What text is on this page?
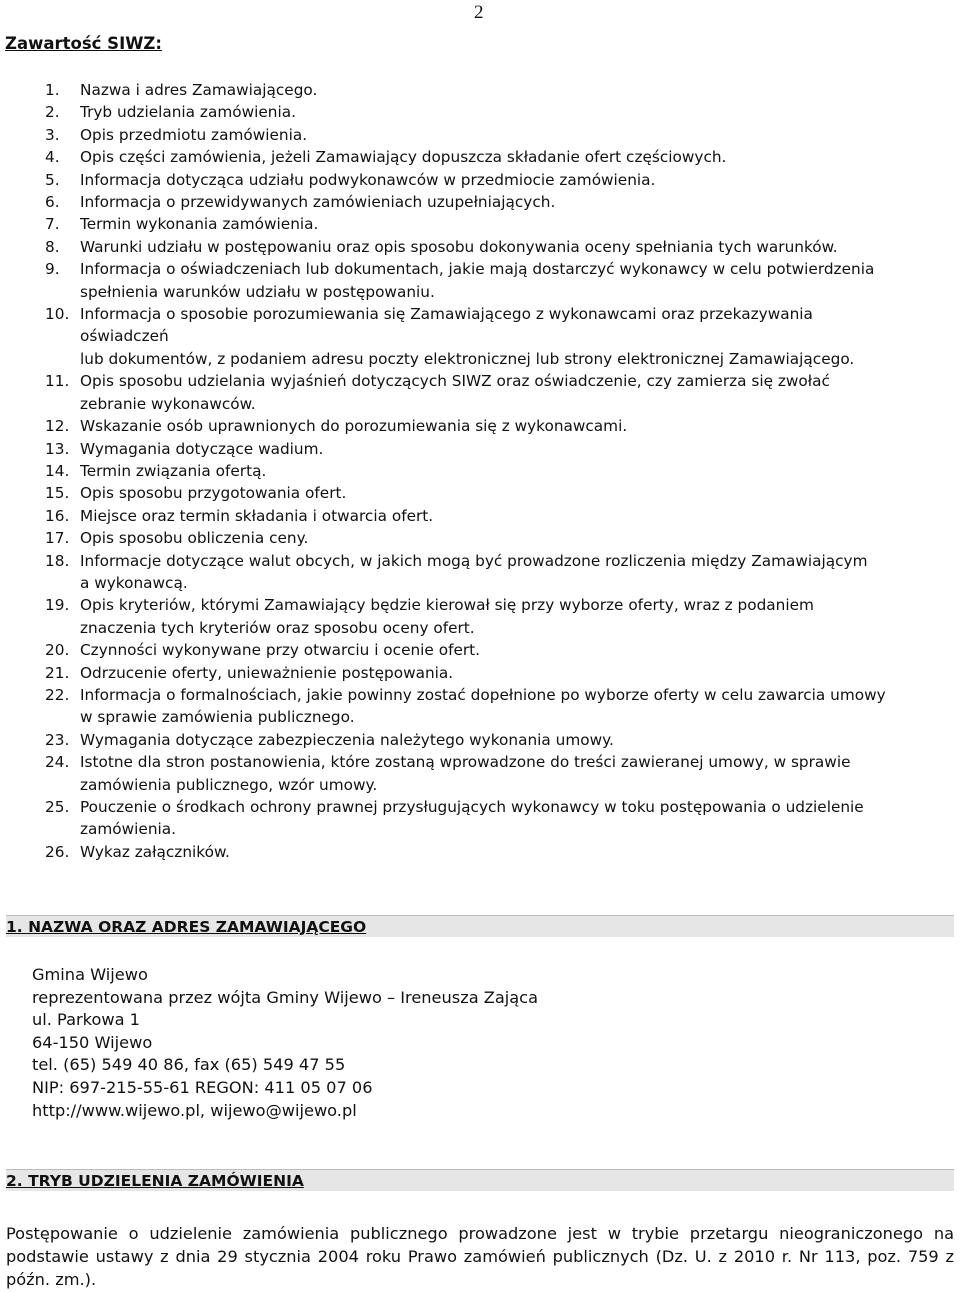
2
Zawartość SIWZ:
1.	Nazwa i adres Zamawiającego.
2.	Tryb udzielania zamówienia.
3.	Opis przedmiotu zamówienia.
4.	Opis części zamówienia, jeżeli Zamawiający dopuszcza składanie ofert częściowych.
5.	Informacja dotycząca udziału podwykonawców w przedmiocie zamówienia.
6.	Informacja o przewidywanych zamówieniach uzupełniających.
7.	Termin wykonania zamówienia.
8.	Warunki udziału w postępowaniu oraz opis sposobu dokonywania oceny spełniania tych warunków.
9.	Informacja o oświadczeniach lub dokumentach, jakie mają dostarczyć wykonawcy w celu potwierdzenia
spełnienia warunków udziału w postępowaniu.
10. Informacja o sposobie porozumiewania się Zamawiającego z wykonawcami oraz przekazywania
oświadczeń
lub dokumentów, z podaniem adresu poczty elektronicznej lub strony elektronicznej Zamawiającego.
11. Opis sposobu udzielania wyjaśnień dotyczących SIWZ oraz oświadczenie, czy zamierza się zwołać
zebranie wykonawców.
12. Wskazanie osób uprawnionych do porozumiewania się z wykonawcami.
13. Wymagania dotyczące wadium.
14. Termin związania ofertą.
15. Opis sposobu przygotowania ofert.
16. Miejsce oraz termin składania i otwarcia ofert.
17. Opis sposobu obliczenia ceny.
18. Informacje dotyczące walut obcych, w jakich mogą być prowadzone rozliczenia między Zamawiającym
a wykonawcą.
19. Opis kryteriów, którymi Zamawiający będzie kierował się przy wyborze oferty, wraz z podaniem
znaczenia tych kryteriów oraz sposobu oceny ofert.
20. Czynności wykonywane przy otwarciu i ocenie ofert.
21. Odrzucenie oferty, unieważnienie postępowania.
22. Informacja o formalnościach, jakie powinny zostać dopełnione po wyborze oferty w celu zawarcia umowy
w sprawie zamówienia publicznego.
23. Wymagania dotyczące zabezpieczenia należytego wykonania umowy.
24. Istotne dla stron postanowienia, które zostaną wprowadzone do treści zawieranej umowy, w sprawie
zamówienia publicznego, wzór umowy.
25. Pouczenie o środkach ochrony prawnej przysługujących wykonawcy w toku postępowania o udzielenie
zamówienia.
26. Wykaz załączników.
1. NAZWA ORAZ ADRES ZAMAWIAJĄCEGO
Gmina Wijewo
reprezentowana przez wójta Gminy Wijewo – Ireneusza Zająca
ul. Parkowa 1
64-150 Wijewo
tel. (65) 549 40 86, fax (65) 549 47 55
NIP: 697-215-55-61 REGON: 411 05 07 06
http://www.wijewo.pl, wijewo@wijewo.pl
2. TRYB UDZIELENIA ZAMÓWIENIA

Postępowanie o udzielenie zamówienia publicznego prowadzone jest w trybie przetargu nieograniczonego na podstawie ustawy z dnia 29 stycznia 2004 roku Prawo zamówień publicznych (Dz. U. z 2010 r. Nr 113, poz. 759 z późn. zm.).
